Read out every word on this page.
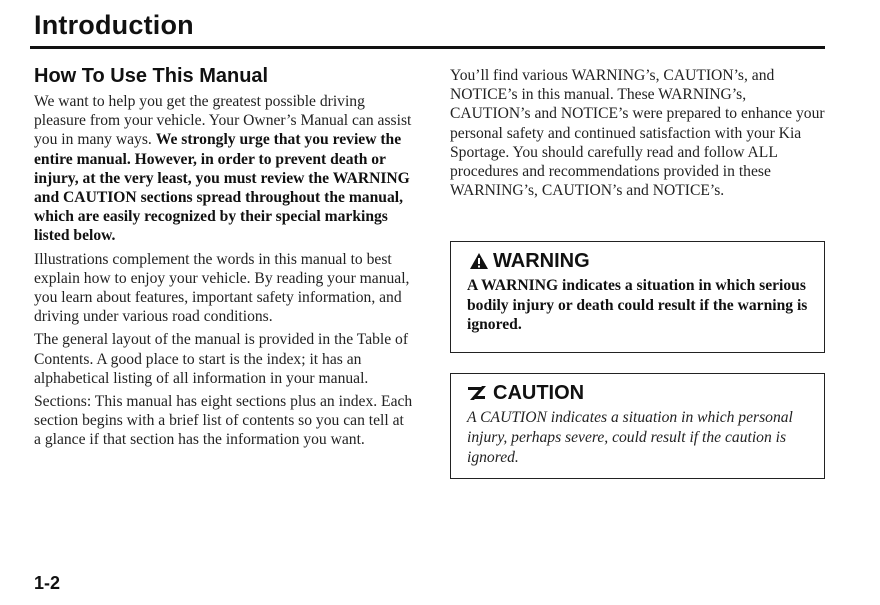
Introduction
How To Use This Manual

We want to help you get the greatest possible driving pleasure from your vehicle. Your Owner’s Manual can assist you in many ways. We strongly urge that you review the entire manual. However, in order to prevent death or injury, at the very least, you must review the WARNING and CAUTION sections spread throughout the manual, which are easily recognized by their special markings listed below.

Illustrations complement the words in this manual to best explain how to enjoy your vehicle. By reading your manual, you learn about features, important safety information, and driving under various road conditions.

The general layout of the manual is provided in the Table of Contents. A good place to start is the index; it has an alphabetical listing of all information in your manual.

Sections: This manual has eight sections plus an index. Each section begins with a brief list of contents so you can tell at a glance if that section has the information you want.

You’ll find various WARNING’s, CAUTION’s, and NOTICE’s in this manual. These WARNING’s, CAUTION’s and NOTICE’s were prepared to enhance your personal safety and continued satisfaction with your Kia Sportage. You should carefully read and follow ALL procedures and recommendations provided in these WARNING’s, CAUTION’s and NOTICE’s.

WARNING
A WARNING indicates a situation in which serious bodily injury or death could result if the warning is ignored.
CAUTION
A CAUTION indicates a situation in which personal injury, perhaps severe, could result if the caution is ignored.
1-2
